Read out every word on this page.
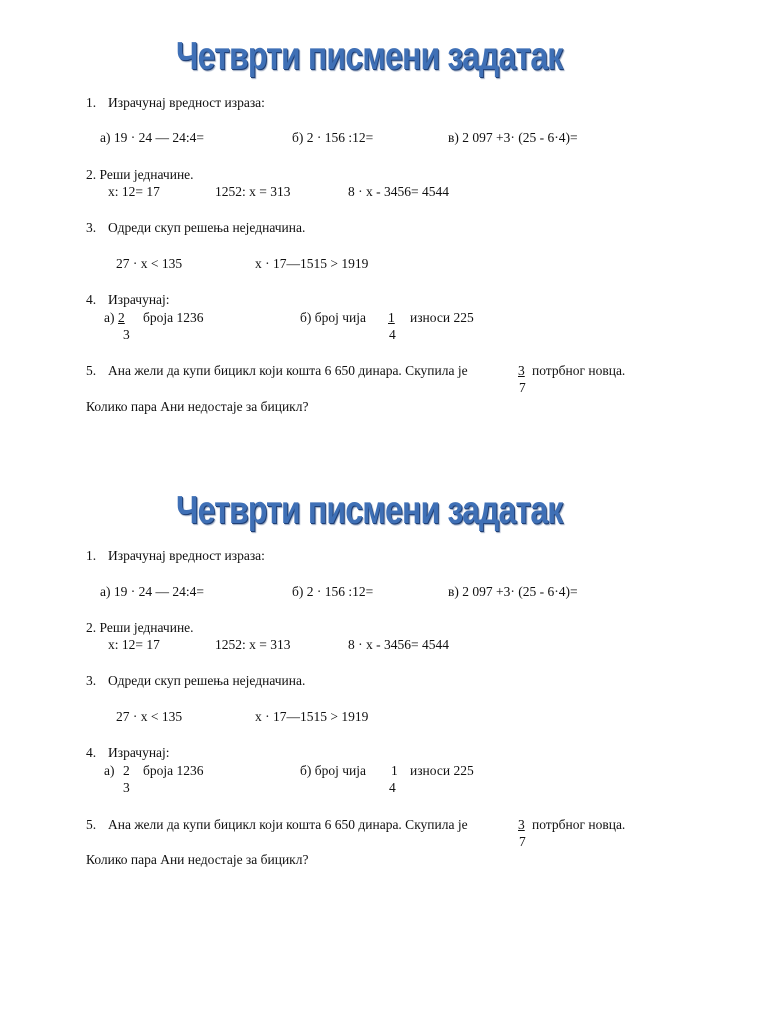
Четврти писмени задатак
1. Израчунај вредност израза:
а) 19 · 24 — 24:4=	б) 2 · 156 :12=	в) 2 097 +3· (25 - 6·4)=
2. Реши једначине.
x: 12= 17	1252: x = 313	8 · x - 3456= 4544
3. Одреди скуп решења неједначина.
27 · x < 135	x · 17—1515 > 1919
4. Израчунај:
а) 2
3
броја 1236	б) број чија 1
4
износи 225
5. Ана жели да купи бицикл који кошта 6 650 динара. Скупила је	3
7
потрбног новца.
Колико пара Ани недостаје за бицикл?
Четврти писмени задатак
1. Израчунај вредност израза:
а) 19 · 24 — 24:4=	б) 2 · 156 :12=	в) 2 097 +3· (25 - 6·4)=
2. Реши једначине.
x: 12= 17	1252: x = 313	8 · x - 3456= 4544
3. Одреди скуп решења неједначина.
27 · x < 135	x · 17—1515 > 1919
4. Израчунај:
а) 2
3
броја 1236	б) број чија 1
4
износи 225
5. Ана жели да купи бицикл који кошта 6 650 динара. Скупила је	3
7
потрбног новца.
Колико пара Ани недостаје за бицикл?
